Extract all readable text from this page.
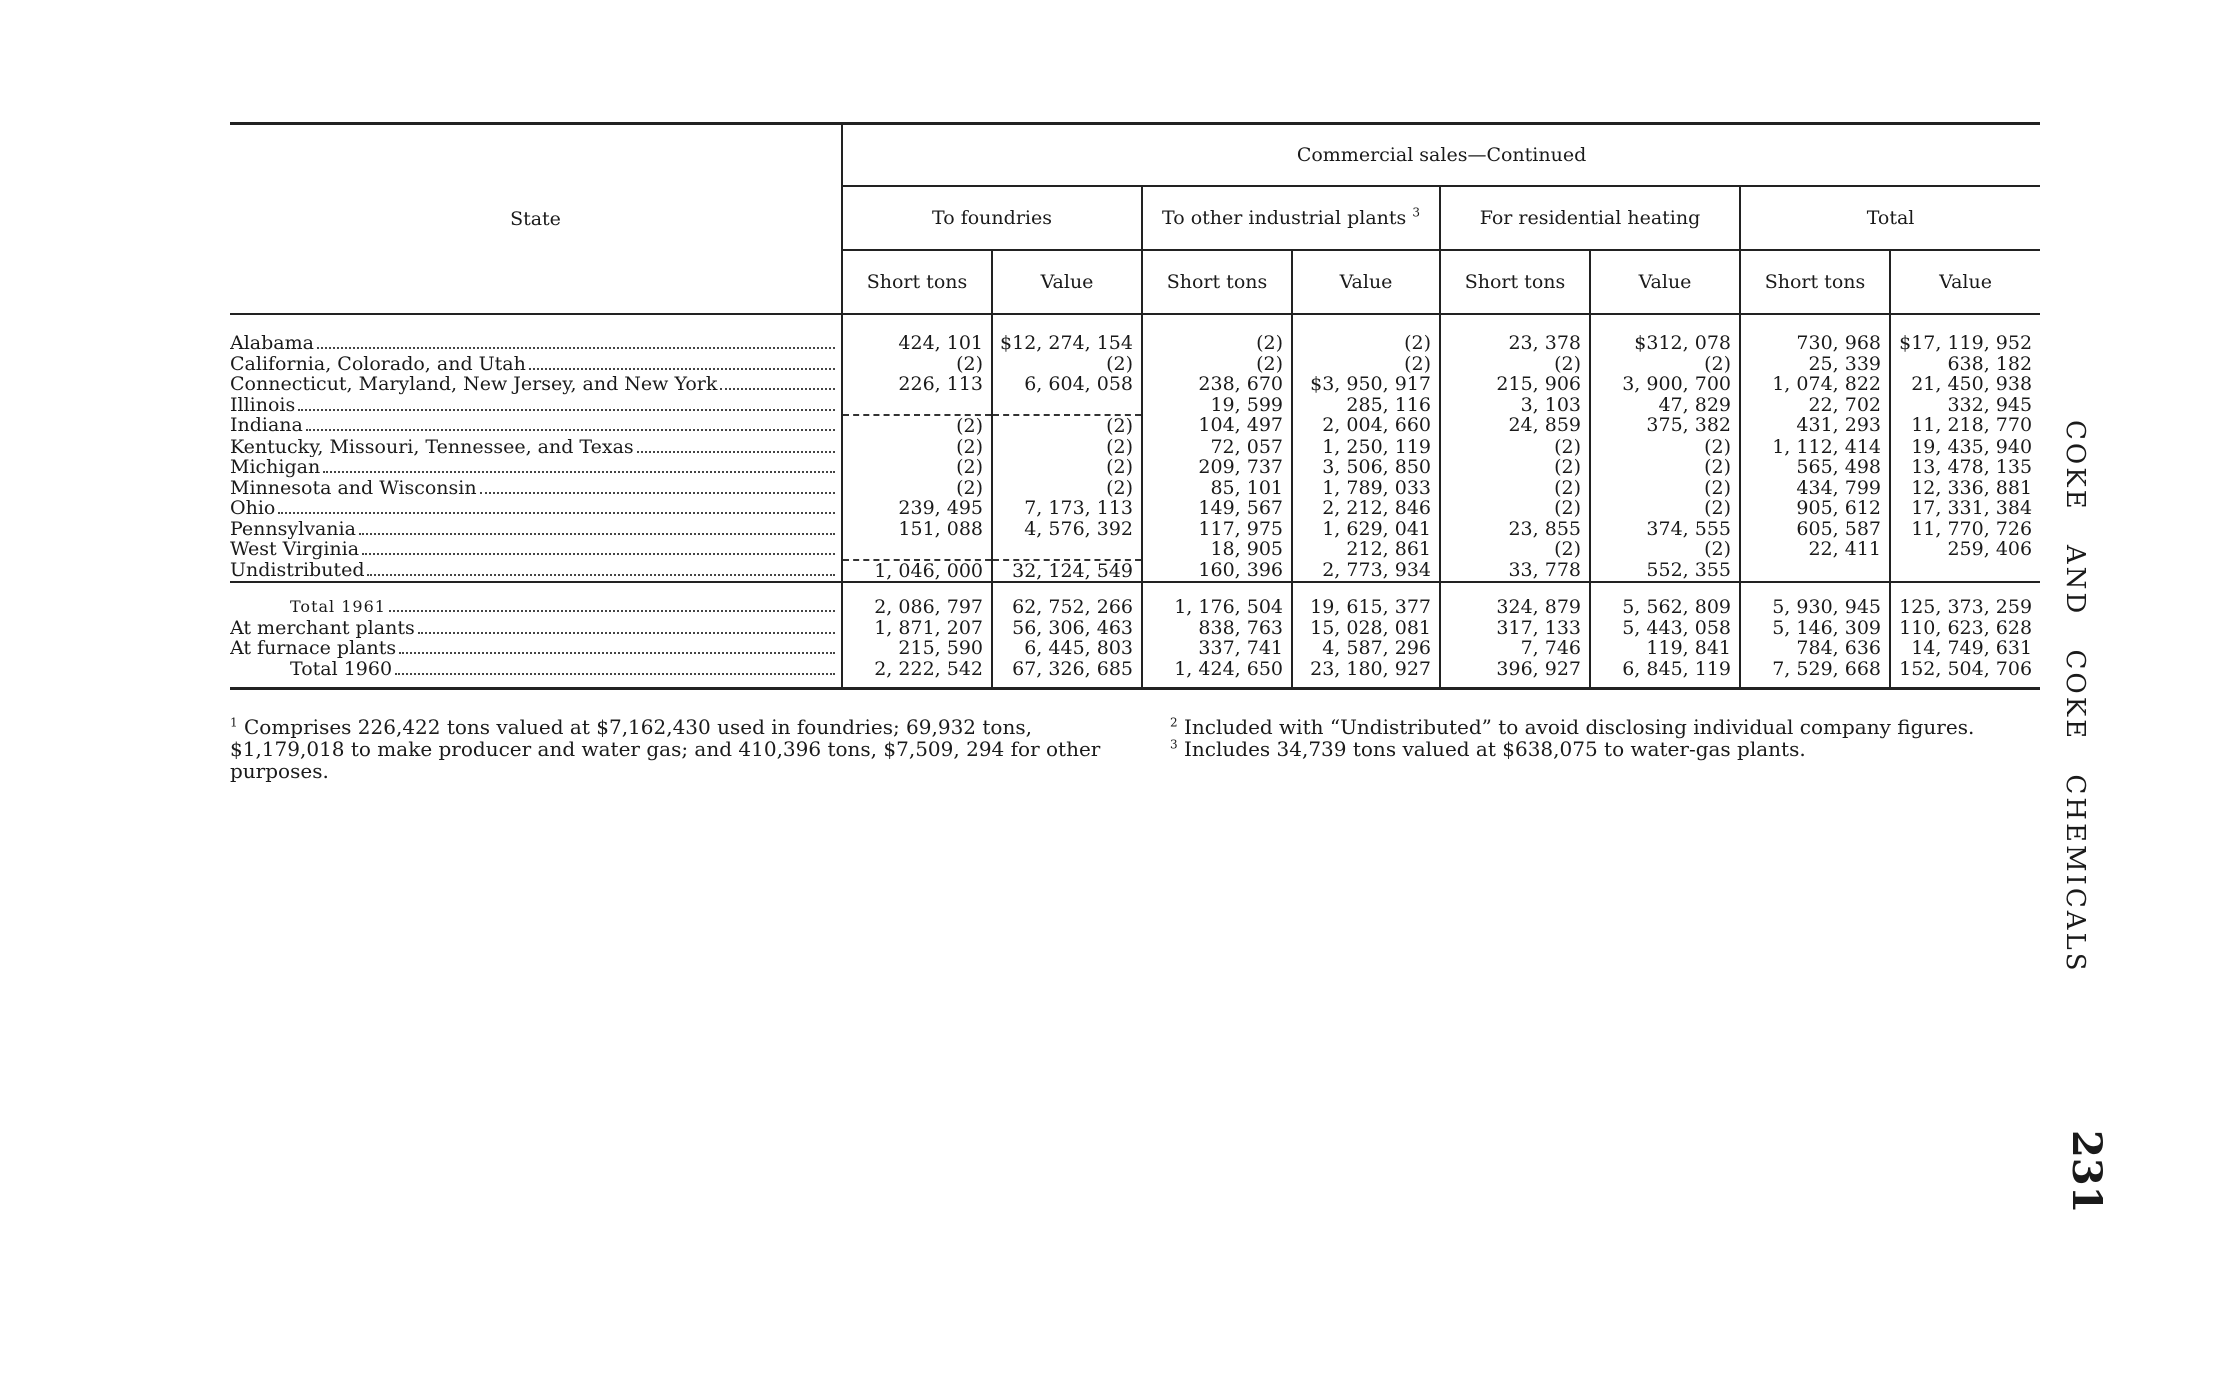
State	Commercial sales—Continued							
	To foundries		To other industrial plants $^3$		For residential heating		Total	
	Short tons	Value	Short tons	Value	Short tons	Value	Short tons	Value

Alabama	424, 101	$12, 274, 154	(2)	(2)	23, 378	$312, 078	730, 968	$17, 119, 952

California, Colorado, and Utah	(2)	(2)	(2)	(2)	(2)	(2)	25, 339	638, 182

Connecticut, Maryland, New Jersey, and New York	226, 113	6, 604, 058	238, 670	$3, 950, 917	215, 906	3, 900, 700	1, 074, 822	21, 450, 938

Illinois			19, 599	285, 116	3, 103	47, 829	22, 702	332, 945

Indiana	(2)	(2)	104, 497	2, 004, 660	24, 859	375, 382	431, 293	11, 218, 770

Kentucky, Missouri, Tennessee, and Texas	(2)	(2)	72, 057	1, 250, 119	(2)	(2)	1, 112, 414	19, 435, 940

Michigan	(2)	(2)	209, 737	3, 506, 850	(2)	(2)	565, 498	13, 478, 135

Minnesota and Wisconsin	(2)	(2)	85, 101	1, 789, 033	(2)	(2)	434, 799	12, 336, 881

Ohio	239, 495	7, 173, 113	149, 567	2, 212, 846	(2)	(2)	905, 612	17, 331, 384

Pennsylvania	151, 088	4, 576, 392	117, 975	1, 629, 041	23, 855	374, 555	605, 587	11, 770, 726

West Virginia			18, 905	212, 861	(2)	(2)	22, 411	259, 406

Undistributed	1, 046, 000	32, 124, 549	160, 396	2, 773, 934	33, 778	552, 355		

Total 1961	2, 086, 797	62, 752, 266	1, 176, 504	19, 615, 377	324, 879	5, 562, 809	5, 930, 945	125, 373, 259

At merchant plants	1, 871, 207	56, 306, 463	838, 763	15, 028, 081	317, 133	5, 443, 058	5, 146, 309	110, 623, 628

At furnace plants	215, 590	6, 445, 803	337, 741	4, 587, 296	7, 746	119, 841	784, 636	14, 749, 631

Total 1960	2, 222, 542	67, 326, 685	1, 424, 650	23, 180, 927	396, 927	6, 845, 119	7, 529, 668	152, 504, 706

$^1$ Comprises 226,422 tons valued at $7,162,430 used in foundries; 69,932 tons, $1,179,018 to make producer and water gas; and 410,396 tons, $7,509, 294 for other purposes.
$^2$ Included with “Undistributed” to avoid disclosing individual company figures.
$^3$ Includes 34,739 tons valued at $638,075 to water-gas plants.	COKE AND COKE CHEMICALS
231
